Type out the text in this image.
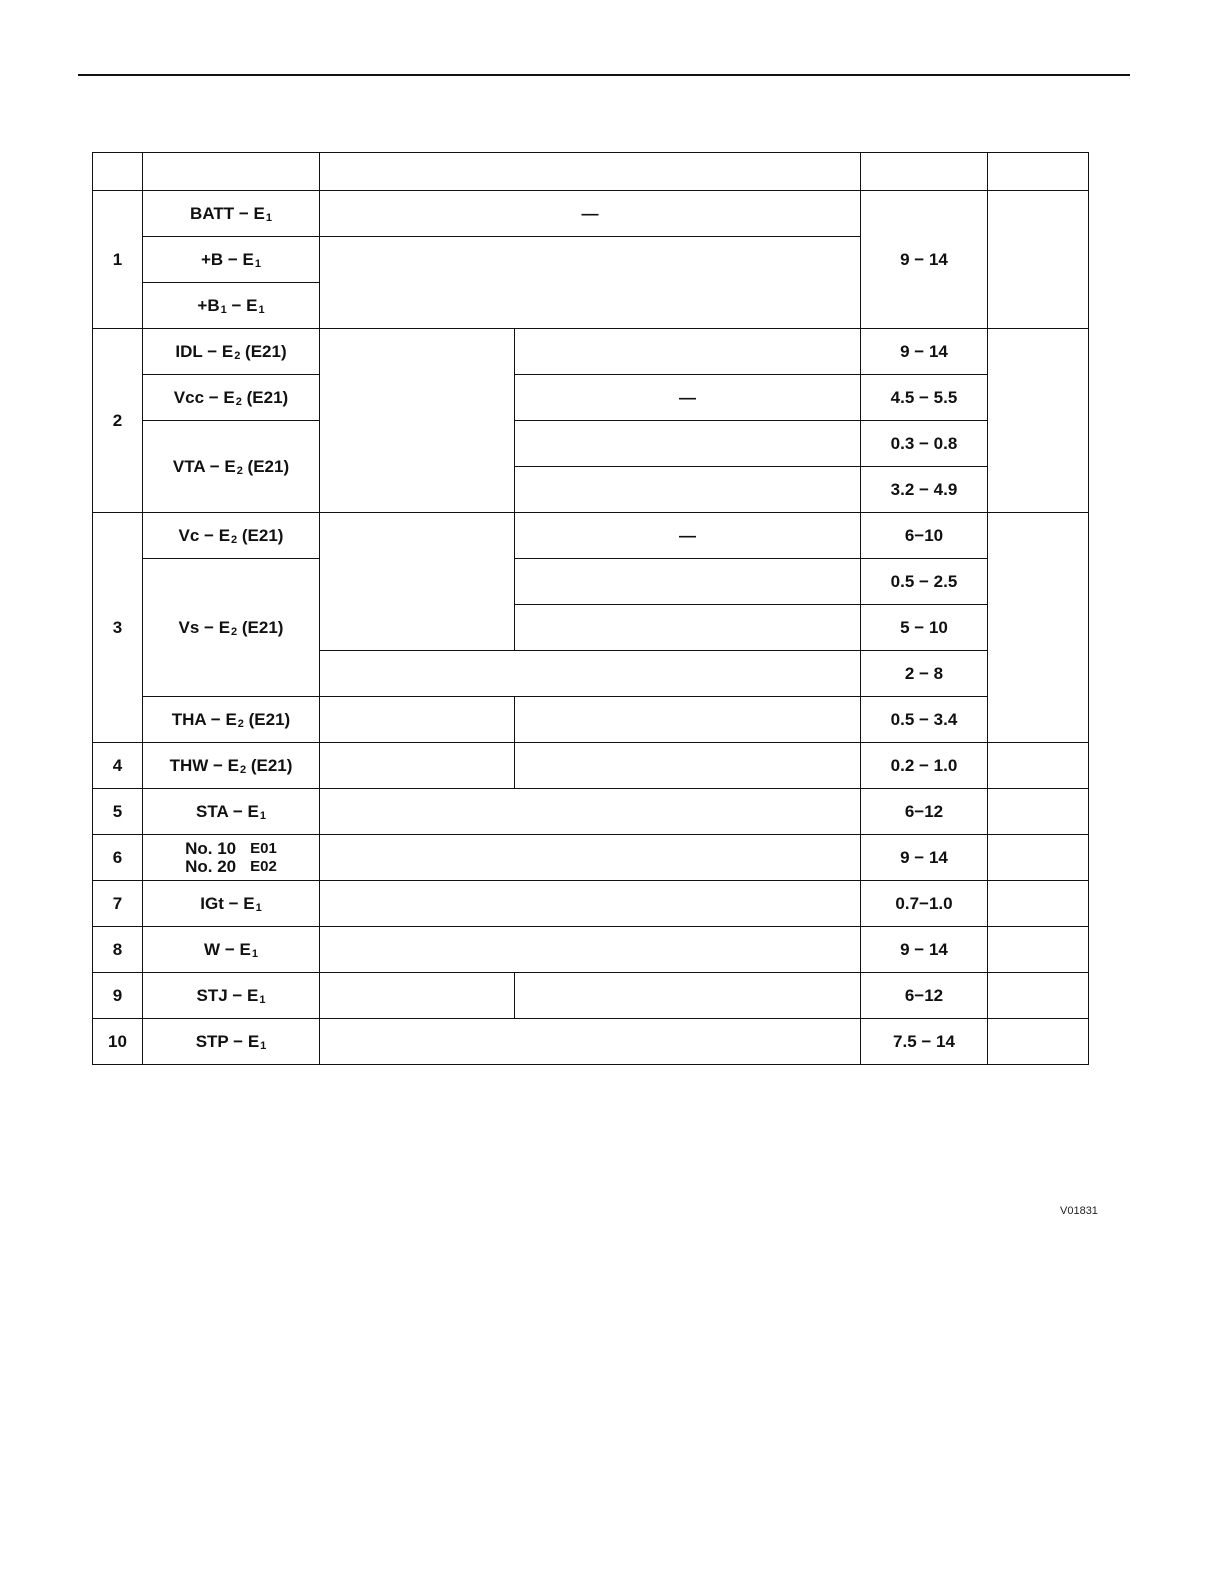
1	BATT − E1	—		9 − 14	
	+B − E1				
	+B1 − E1				
2	IDL − E2 (E21)			9 − 14	
	Vcc − E2 (E21)		—	4.5 − 5.5	
	VTA − E2 (E21)			0.3 − 0.8	
				3.2 − 4.9	
3	Vc − E2 (E21)		—	6−10	
	Vs − E2 (E21)			0.5 − 2.5	
				5 − 10	
				2 − 8	
	THA − E2 (E21)			0.5 − 3.4	
4	THW − E2 (E21)			0.2 − 1.0	
5	STA − E1			6−12	
6	No. 10 E01
No. 20 E02			9 − 14	
7	IGt − E1			0.7−1.0	
8	W − E1			9 − 14	
9	STJ − E1			6−12	
10	STP − E1			7.5 − 14	
V01831
